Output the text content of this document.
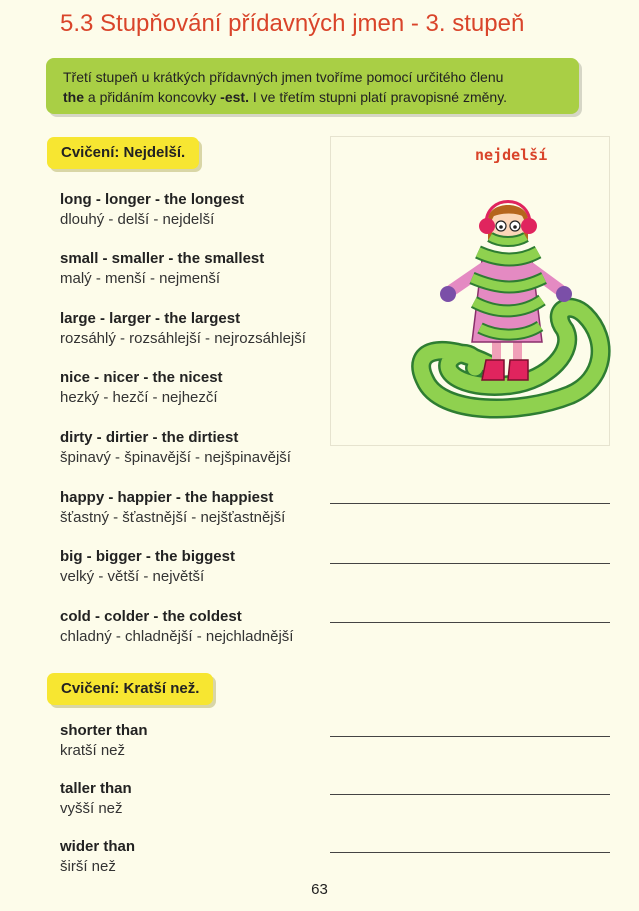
5.3 Stupňování přídavných jmen - 3. stupeň
Třetí stupeň u krátkých přídavných jmen tvoříme pomocí určitého členu
the a přidáním koncovky -est. I ve třetím stupni platí pravopisné změny.
Cvičení: Nejdelší.	nejdelší
long - longer - the longest
dlouhý - delší - nejdelší
small - smaller - the smallest
malý - menší - nejmenší
large - larger - the largest
rozsáhlý - rozsáhlejší - nejrozsáhlejší
nice - nicer - the nicest
hezký - hezčí - nejhezčí
dirty - dirtier - the dirtiest
špinavý - špinavější - nejšpinavější
happy - happier - the happiest
šťastný - šťastnější - nejšťastnější
big - bigger - the biggest
velký - větší - největší
cold - colder - the coldest
chladný - chladnější - nejchladnější
Cvičení: Kratší než.
shorter than
kratší než
taller than
vyšší než
wider than
širší než
63
